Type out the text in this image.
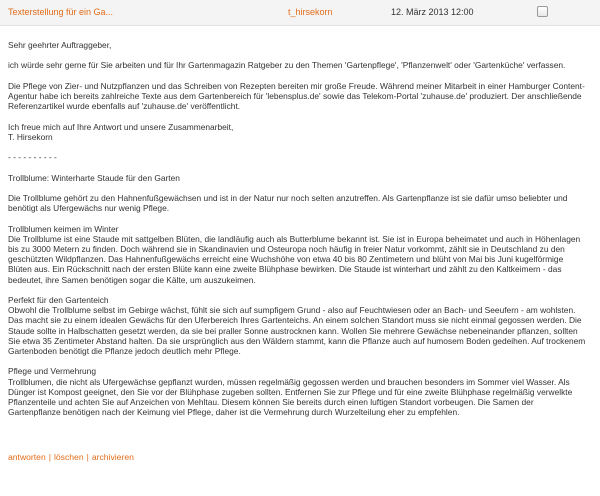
Texterstellung für ein Ga...	t_hirsekorn	12. März 2013 12:00

Sehr geehrter Auftraggeber,

ich würde sehr gerne für Sie arbeiten und für Ihr Gartenmagazin Ratgeber zu den Themen 'Gartenpflege', 'Pflanzenwelt' oder 'Gartenküche' verfassen.

Die Pflege von Zier- und Nutzpflanzen und das Schreiben von Rezepten bereiten mir große Freude. Während meiner Mitarbeit in einer Hamburger Content-Agentur habe ich bereits zahlreiche Texte aus dem Gartenbereich für 'lebensplus.de' sowie das Telekom-Portal 'zuhause.de' produziert. Der anschließende Referenzartikel wurde ebenfalls auf 'zuhause.de' veröffentlicht.

Ich freue mich auf Ihre Antwort und unsere Zusammenarbeit,
T. Hirsekorn

- - - - - - - - - -

Trollblume: Winterharte Staude für den Garten

Die Trollblume gehört zu den Hahnenfußgewächsen und ist in der Natur nur noch selten anzutreffen. Als Gartenpflanze ist sie dafür umso beliebter und benötigt als Ufergewächs nur wenig Pflege.

Trollblumen keimen im Winter
Die Trollblume ist eine Staude mit sattgelben Blüten, die landläufig auch als Butterblume bekannt ist. Sie ist in Europa beheimatet und auch in Höhenlagen bis zu 3000 Metern zu finden. Doch während sie in Skandinavien und Osteuropa noch häufig in freier Natur vorkommt, zählt sie in Deutschland zu den geschützten Wildpflanzen. Das Hahnenfußgewächs erreicht eine Wuchshöhe von etwa 40 bis 80 Zentimetern und blüht von Mai bis Juni kugelförmige Blüten aus. Ein Rückschnitt nach der ersten Blüte kann eine zweite Blühphase bewirken. Die Staude ist winterhart und zählt zu den Kaltkeimern - das bedeutet, ihre Samen benötigen sogar die Kälte, um auszukeimen.

Perfekt für den Gartenteich
Obwohl die Trollblume selbst im Gebirge wächst, fühlt sie sich auf sumpfigem Grund - also auf Feuchtwiesen oder an Bach- und Seeufern - am wohlsten. Das macht sie zu einem idealen Gewächs für den Uferbereich Ihres Gartenteichs. An einem solchen Standort muss sie nicht einmal gegossen werden. Die Staude sollte in Halbschatten gesetzt werden, da sie bei praller Sonne austrocknen kann. Wollen Sie mehrere Gewächse nebeneinander pflanzen, sollten Sie etwa 35 Zentimeter Abstand halten. Da sie ursprünglich aus den Wäldern stammt, kann die Pflanze auch auf humosem Boden gedeihen. Auf trockenem Gartenboden benötigt die Pflanze jedoch deutlich mehr Pflege.

Pflege und Vermehrung
Trollblumen, die nicht als Ufergewächse gepflanzt wurden, müssen regelmäßig gegossen werden und brauchen besonders im Sommer viel Wasser. Als Dünger ist Kompost geeignet, den Sie vor der Blühphase zugeben sollten. Entfernen Sie zur Pflege und für eine zweite Blühphase regelmäßig verwelkte Pflanzenteile und achten Sie auf Anzeichen von Mehltau. Diesem können Sie bereits durch einen luftigen Standort vorbeugen. Die Samen der Gartenpflanze benötigen nach der Keimung viel Pflege, daher ist die Vermehrung durch Wurzelteilung eher zu empfehlen.

antworten | löschen | archivieren
